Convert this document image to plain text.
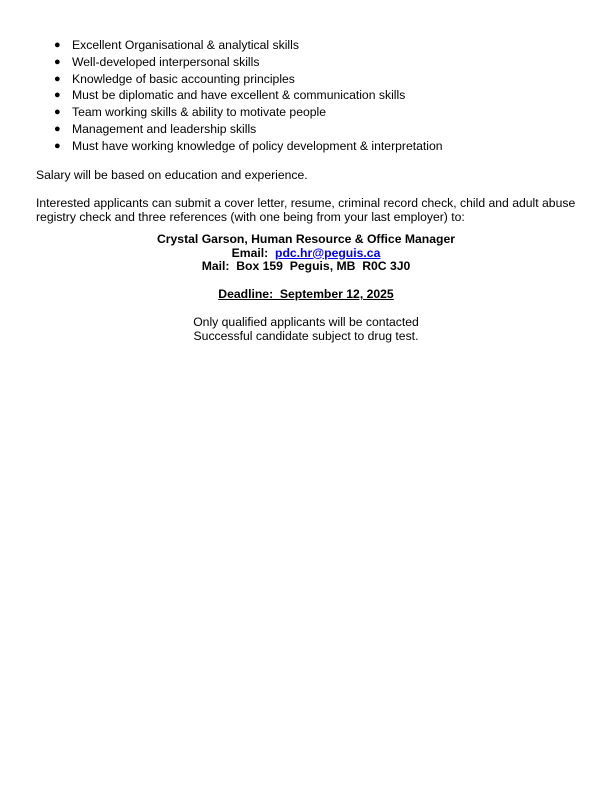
● Excellent Organisational & analytical skills
● Well-developed interpersonal skills
● Knowledge of basic accounting principles
● Must be diplomatic and have excellent & communication skills
● Team working skills & ability to motivate people
● Management and leadership skills
● Must have working knowledge of policy development & interpretation

Salary will be based on education and experience.

Interested applicants can submit a cover letter, resume, criminal record check, child and adult abuse registry check and three references (with one being from your last employer) to:

Crystal Garson, Human Resource & Office Manager
Email:  pdc.hr@peguis.ca
Mail:  Box 159  Peguis, MB  R0C 3J0
Deadline:  September 12, 2025
Only qualified applicants will be contacted
Successful candidate subject to drug test.
